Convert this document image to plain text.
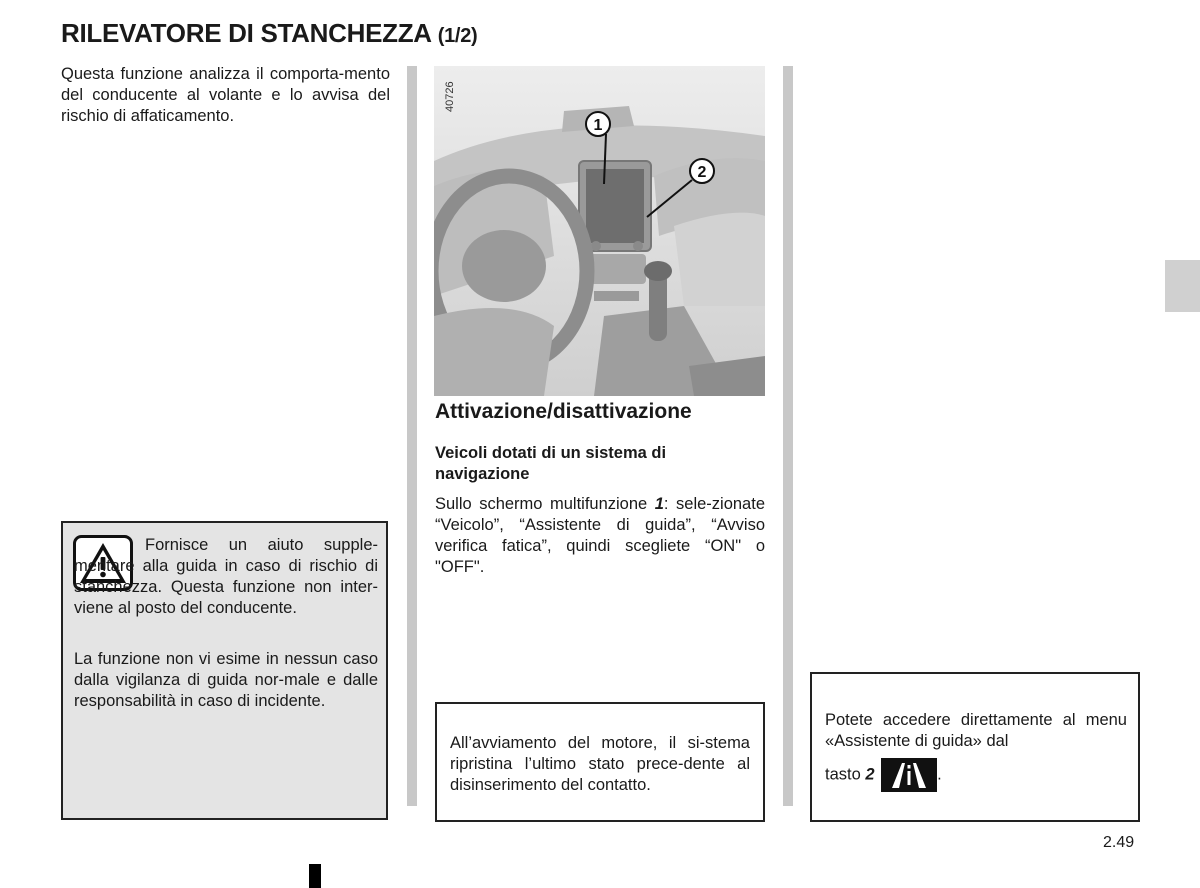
RILEVATORE DI STANCHEZZA (1/2)

Questa funzione analizza il comporta-mento del conducente al volante e lo avvisa del rischio di affaticamento.

Fornisce un aiuto supple-mentare alla guida in caso di rischio di stanchezza. Questa funzione non inter-viene al posto del conducente.

La funzione non vi esime in nessun caso dalla vigilanza di guida nor-male e dalle responsabilità in caso di incidente.

1
2
40726
Attivazione/disattivazione
Veicoli dotati di un sistema di navigazione

Sullo schermo multifunzione 1: sele-zionate “Veicolo”, “Assistente di guida”, “Avviso verifica fatica”, quindi scegliete “ON" o "OFF".

All’avviamento del motore, il si-stema ripristina l’ultimo stato prece-dente al disinserimento del contatto.

Potete accedere direttamente al menu «Assistente di guida» dal

tasto 2	.
2.49
